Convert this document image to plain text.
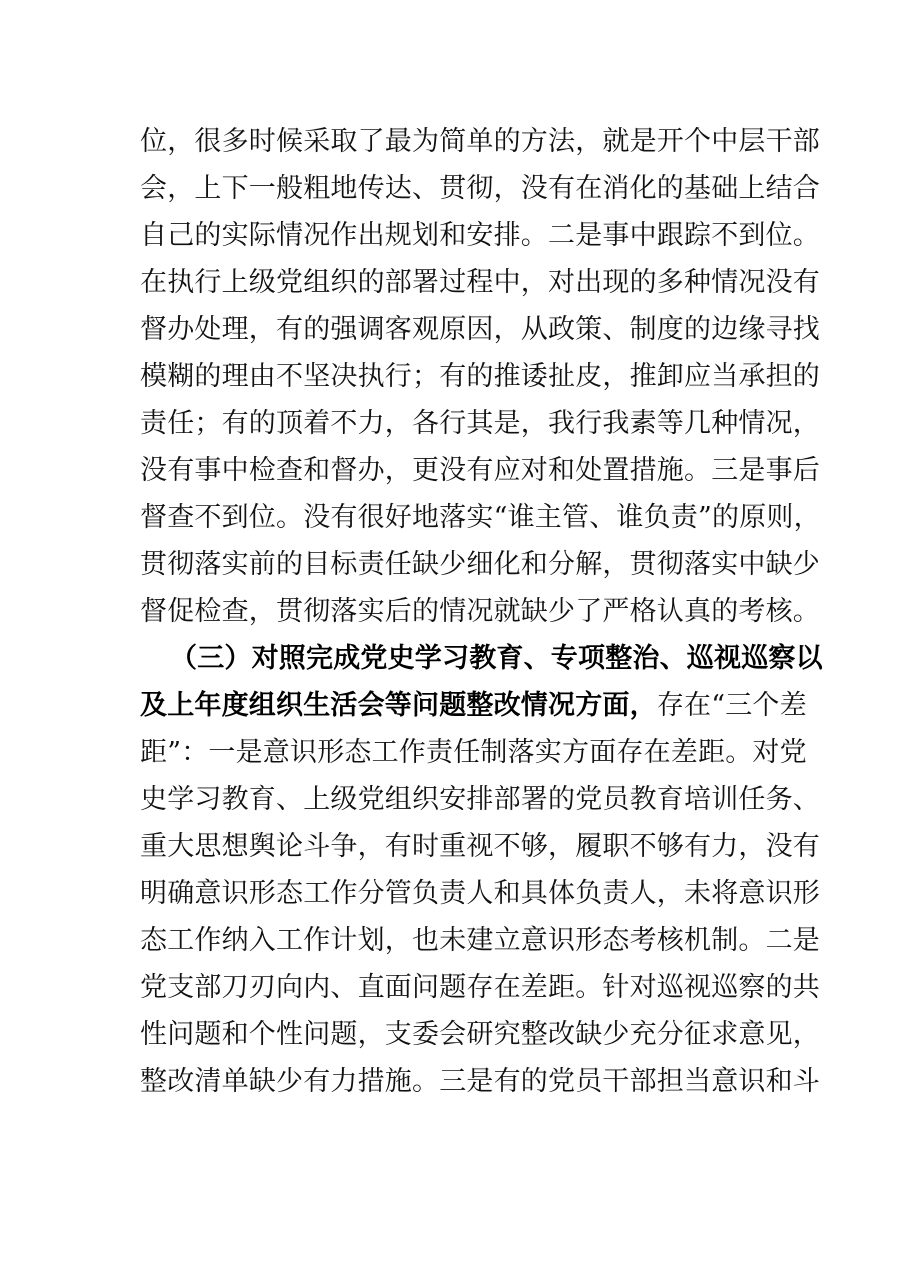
位，很多时候采取了最为简单的方法，就是开个中层干部
会，上下一般粗地传达、贯彻，没有在消化的基础上结合
自己的实际情况作出规划和安排。二是事中跟踪不到位。
在执行上级党组织的部署过程中，对出现的多种情况没有
督办处理，有的强调客观原因，从政策、制度的边缘寻找
模糊的理由不坚决执行；有的推诿扯皮，推卸应当承担的
责任；有的顶着不力，各行其是，我行我素等几种情况，
没有事中检查和督办，更没有应对和处置措施。三是事后
督查不到位。没有很好地落实“谁主管、谁负责”的原则，
贯彻落实前的目标责任缺少细化和分解，贯彻落实中缺少
督促检查，贯彻落实后的情况就缺少了严格认真的考核。
（三）对照完成党史学习教育、专项整治、巡视巡察以
及上年度组织生活会等问题整改情况方面，存在“三个差
距”：一是意识形态工作责任制落实方面存在差距。对党
史学习教育、上级党组织安排部署的党员教育培训任务、
重大思想舆论斗争，有时重视不够，履职不够有力，没有
明确意识形态工作分管负责人和具体负责人，未将意识形
态工作纳入工作计划，也未建立意识形态考核机制。二是
党支部刀刃向内、直面问题存在差距。针对巡视巡察的共
性问题和个性问题，支委会研究整改缺少充分征求意见，
整改清单缺少有力措施。三是有的党员干部担当意识和斗
